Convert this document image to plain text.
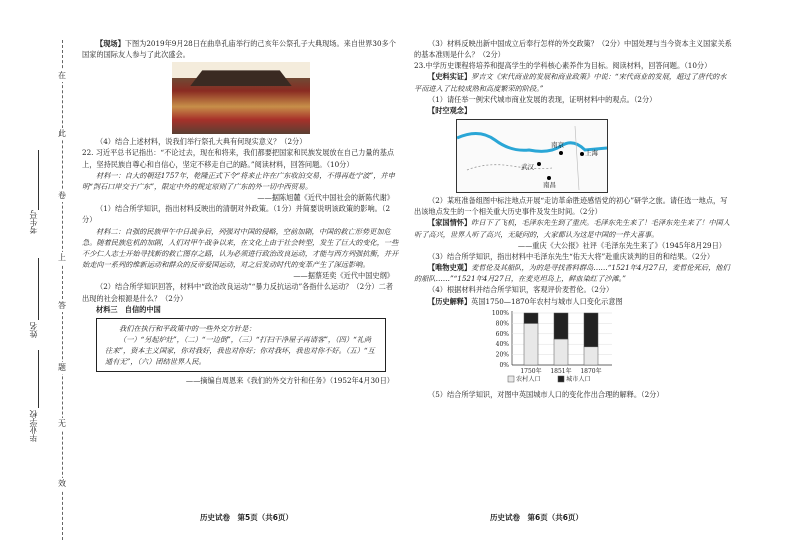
在
此
卷
上
答
题
无
效
考生号
姓名
毕业学校

【现场】下图为2019年9月28日在曲阜孔庙举行的己亥年公祭孔子大典现场。来自世界30多个国家的国际友人参与了此次盛会。

（4）结合上述材料，说我们举行祭孔大典有何现实意义？（2分）

22. 习近平总书记指出：“不论过去，现在和将来，我们都要把国家和民族发展放在自己力量的基点上，坚持民族自尊心和自信心，坚定不移走自己的路。”阅读材料，回答问题。（10分）

材料一：自大的朝廷1757年，乾隆正式下令“将来止许在广东收泊交易，不得再赴宁波”，并申明“剀石口岸交于广东”，限定中外的规定原则了广东的外一切中西贸易。

——据陈旭麓《近代中国社会的新陈代谢》

（1）结合所学知识，指出材料反映出的清朝对外政策。（1分）并简要说明该政策的影响。（2分）

材料二：自强的民族甲午中日战争后，列强对中国的侵略，空前加剧，中国的救亡形势更加危急。随着民族危机的加剧，人们对甲午战争以来，在文化上由于社会转型，发生了巨大的变化，一些不少仁人志士开始寻找新的救亡图存之路，认为必须进行政治改良运动，才能与西方列强抗衡，并开始走向一系列的维新运动和群众的反帝爱国运动，对之后发动时代的变革产生了深远影响。

——据蔡廷奕《近代中国史纲》

（2）结合所学知识回答，材料中“政治改良运动”“暴力反抗运动”各指什么运动？（2分）二者出现的社会根源是什么？（2分）

材料三　自信的中国

我们在执行和平政策中的一些外交方针是：

（一）“另起炉灶”，（二）“一边倒”，（三）“打扫干净屋子再请客”，（四）“礼尚往来”，资本主义国家，你对我好，我也对你好；你对我坏，我也对你不好。（五）“互通有无”，（六）团结世界人民。

——摘编自周恩来《我们的外交方针和任务》（1952年4月30日）

历史试卷　第5页（共6页）

（3）材料反映出新中国成立后奉行怎样的外交政策？（2分）中国处理与当今资本主义国家关系的基本准则是什么？（2分）

23.中学历史课程将培养和提高学生的学科核心素养作为目标。阅读材料，回答问题。（10分）

【史料实证】罗吉文《宋代商业的发展和商业政策》中说：“宋代商业的发展，超过了唐代的水平而进入了比较成熟和高度繁荣的阶段。”

（1）请任举一例宋代城市商业发展的表现，证明材料中的观点。（2分）

【时空观念】

南京
上海
武汉
南昌

（2）某班准备组图中标注地点开展“走访革命胜迹感悟党的初心”研学之旅。请任选一地点，写出该地点发生的一个相关重大历史事件及发生时间。（2分）

【家国情怀】昨日下了飞机，毛泽东先生到了重庆。毛泽东先生来了！毛泽东先生来了！中国人听了高兴，世界人听了高兴，无疑问的，大家都认为这是中国的一件大喜事。

——重庆《大公报》社评《毛泽东先生来了》（1945年8月29日）

（3）结合所学知识，指出材料中毛泽东先生“佑天大将”赴重庆谈判的目的和结果。（2分）

【唯物史观】麦哲伦及其船队，为的是寻找香料群岛……“1521年4月27日，麦哲伦死后，他们的船队……”“1521年4月27日，在麦克坦岛上，鲜血染红了沙滩。”

（4）根据材料并结合所学知识，客观评价麦哲伦。（2分）

【历史解释】英国1750—1870年农村与城市人口变化示意图

0%
20%
40%
60%
80%
100%
1750年 1851年 1870年
农村人口	城市人口

（5）结合所学知识，对图中英国城市人口的变化作出合理的解释。（2分）

历史试卷　第6页（共6页）
